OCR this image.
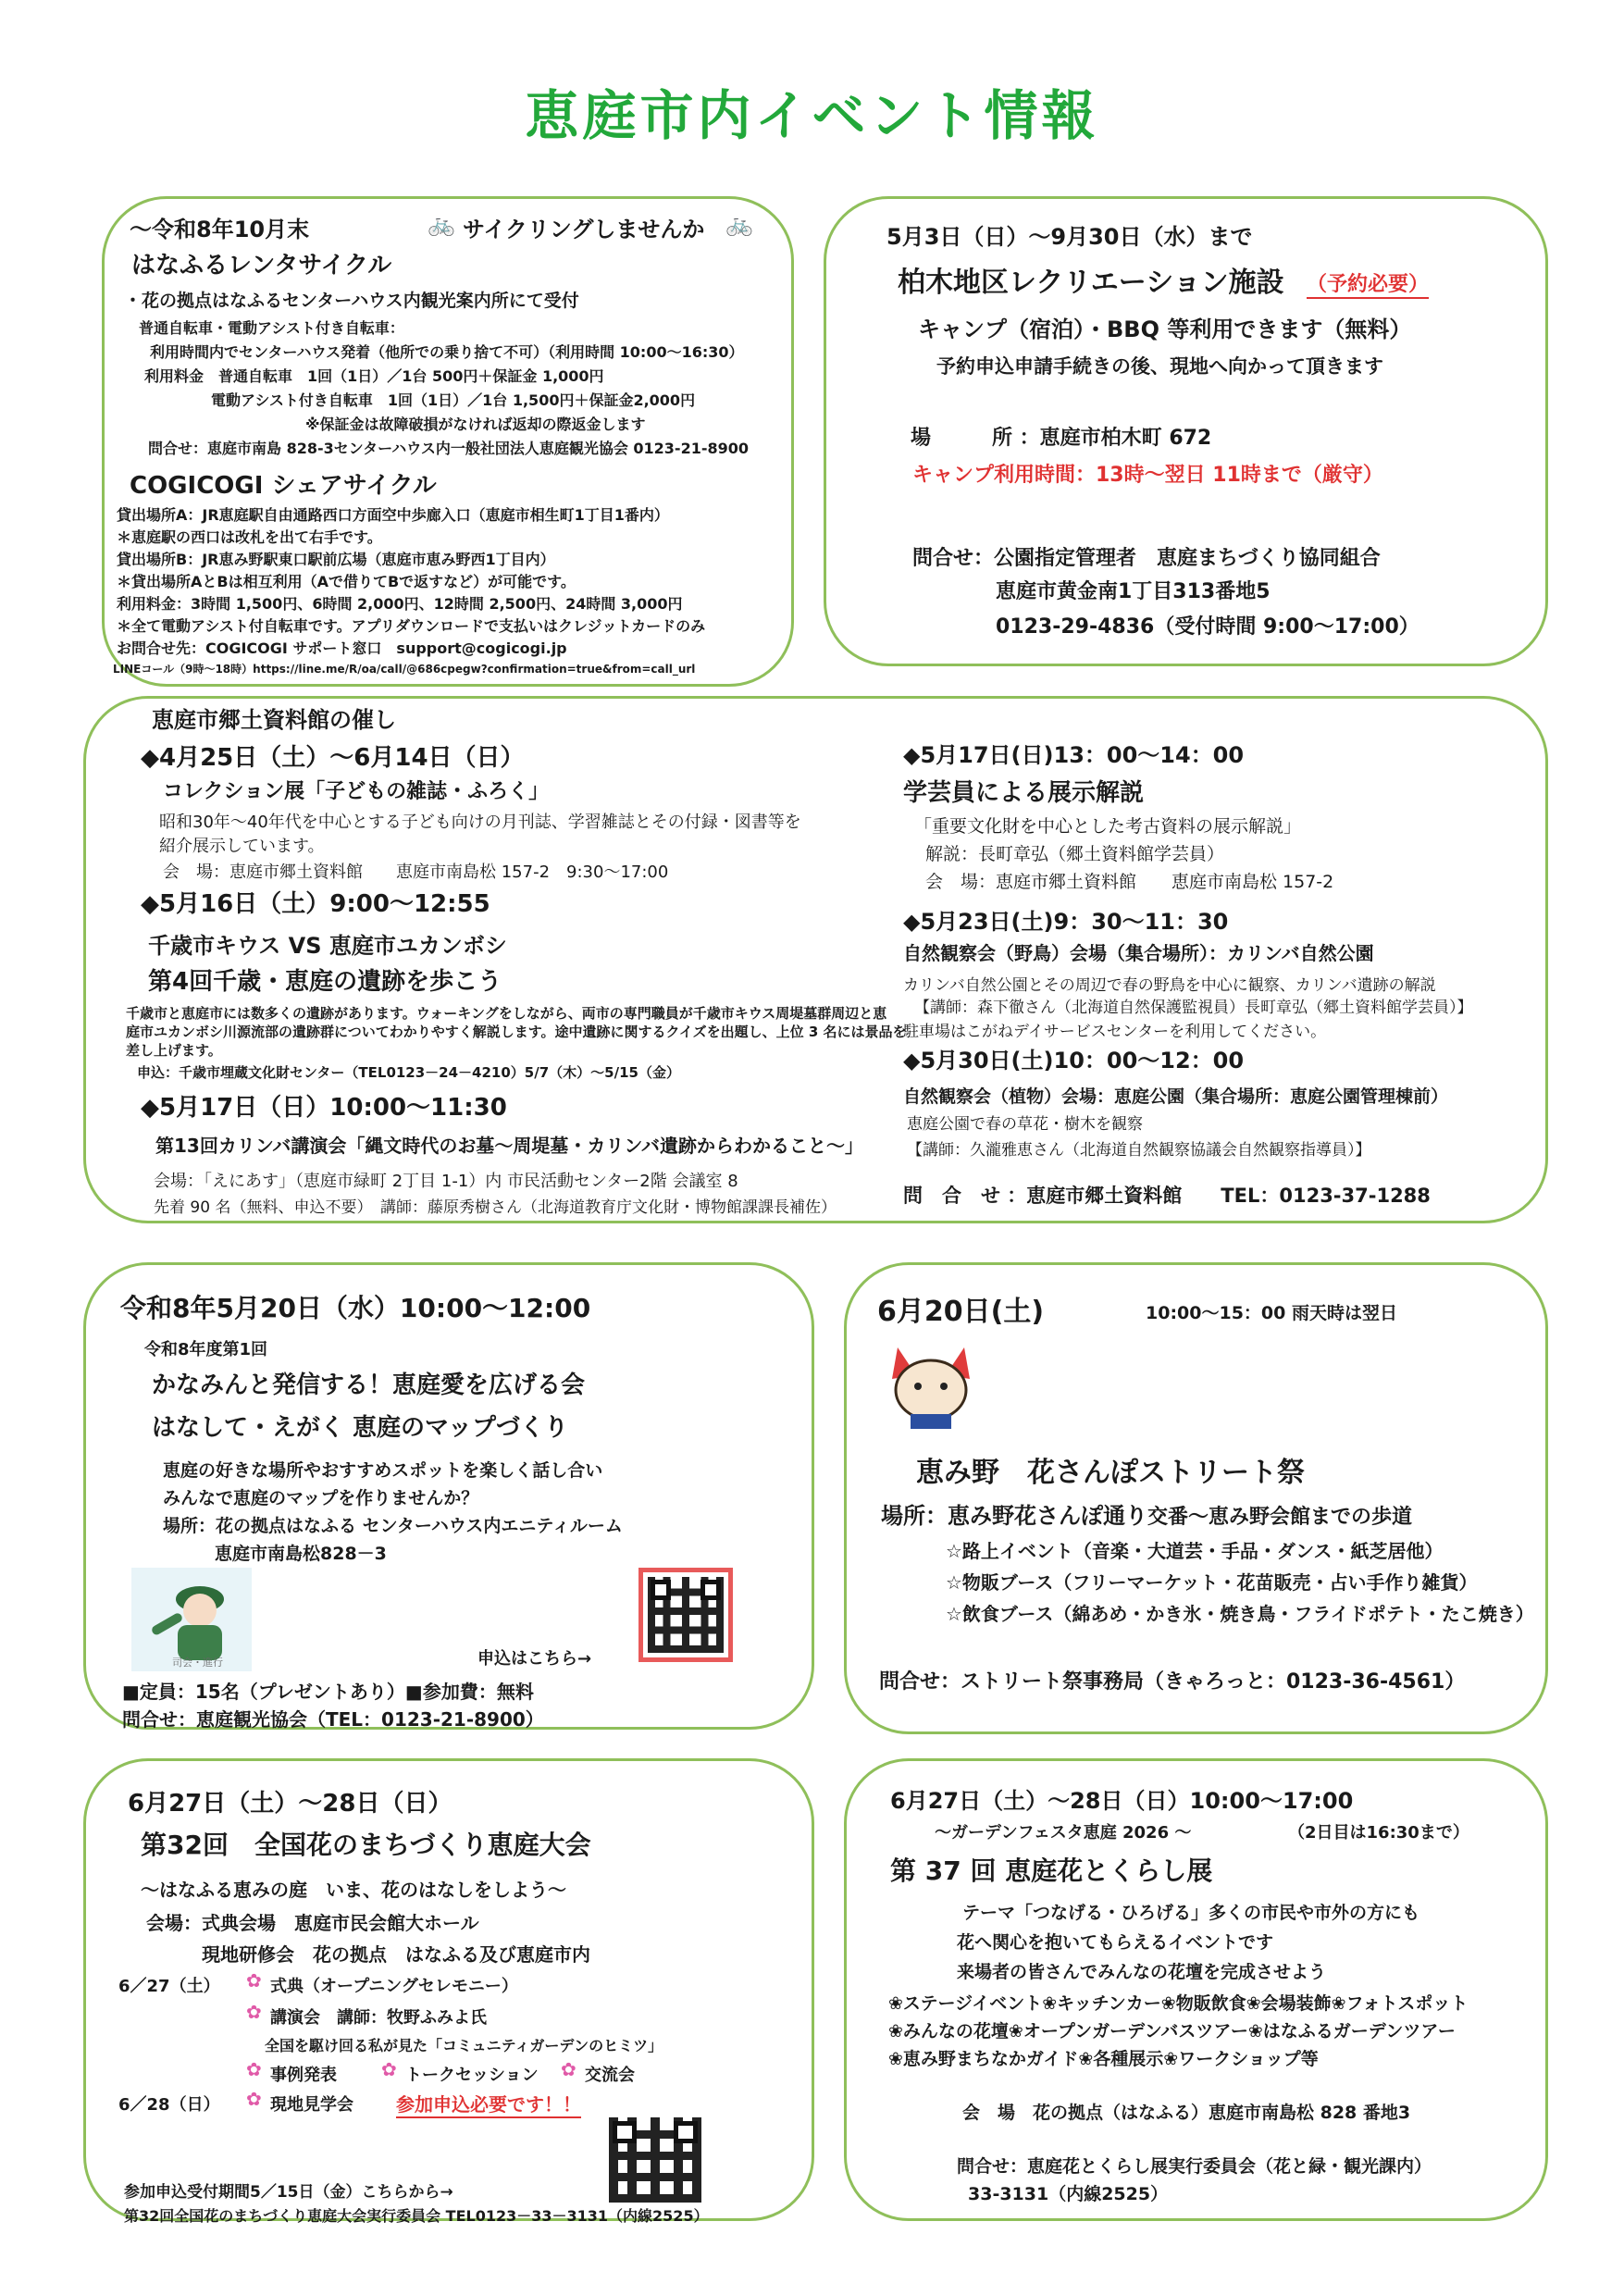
恵庭市内イベント情報
～令和8年10月末	🚲 サイクリングしませんか 🚲
はなふるレンタサイクル
・花の拠点はなふるセンターハウス内観光案内所にて受付
普通自転車・電動アシスト付き自転車：
利用時間内でセンターハウス発着（他所での乗り捨て不可）（利用時間 10:00～16:30）
利用料金　普通自転車　1回（1日）／1台 500円＋保証金 1,000円
電動アシスト付き自転車　1回（1日）／1台 1,500円＋保証金2,000円
※保証金は故障破損がなければ返却の際返金します
問合せ：恵庭市南島 828-3センターハウス内一般社団法人恵庭観光協会 0123-21-8900
COGICOGI シェアサイクル
貸出場所A：JR恵庭駅自由通路西口方面空中歩廊入口（恵庭市相生町1丁目1番内）
＊恵庭駅の西口は改札を出て右手です。
貸出場所B：JR恵み野駅東口駅前広場（恵庭市恵み野西1丁目内）
＊貸出場所AとBは相互利用（Aで借りてBで返すなど）が可能です。
利用料金：3時間 1,500円、6時間 2,000円、12時間 2,500円、24時間 3,000円
＊全て電動アシスト付自転車です。アプリダウンロードで支払いはクレジットカードのみ
お問合せ先：COGICOGI サポート窓口　support@cogicogi.jp
LINEコール（9時～18時）https://line.me/R/oa/call/@686cpegw?confirmation=true&from=call_url
5月3日（日）～9月30日（水）まで
柏木地区レクリエーション施設 （予約必要）
キャンプ（宿泊）・BBQ 等利用できます（無料）
予約申込申請手続きの後、現地へ向かって頂きます
場　　　所 ：恵庭市柏木町 672
キャンプ利用時間：13時～翌日 11時まで（厳守）
問合せ：公園指定管理者　恵庭まちづくり協同組合
恵庭市黄金南1丁目313番地5
0123-29-4836（受付時間 9:00～17:00）
恵庭市郷土資料館の催し
◆4月25日（土）～6月14日（日）
コレクション展「子どもの雑誌・ふろく」
昭和30年～40年代を中心とする子ども向けの月刊誌、学習雑誌とその付録・図書等を
紹介展示しています。
会　場：恵庭市郷土資料館　　恵庭市南島松 157-2　9:30～17:00
◆5月16日（土）9:00～12:55
千歳市キウス VS 恵庭市ユカンボシ
第4回千歳・恵庭の遺跡を歩こう
千歳市と恵庭市には数多くの遺跡があります。ウォーキングをしながら、両市の専門職員が千歳市キウス周堤墓群周辺と恵
庭市ユカンボシ川源流部の遺跡群についてわかりやすく解説します。途中遺跡に関するクイズを出題し、上位 3 名には景品を
差し上げます。
申込：千歳市埋蔵文化財センター（TEL0123－24－4210）5/7（木）～5/15（金）
◆5月17日（日）10:00～11:30
第13回カリンバ講演会「縄文時代のお墓～周堤墓・カリンバ遺跡からわかること～」
会場：「えにあす」（恵庭市緑町 2丁目 1-1）内 市民活動センター2階 会議室 8
先着 90 名（無料、申込不要）　講師：藤原秀樹さん（北海道教育庁文化財・博物館課課長補佐）
◆5月17日(日)13：00～14：00
学芸員による展示解説
「重要文化財を中心とした考古資料の展示解説」
解説：長町章弘（郷土資料館学芸員）
会　場：恵庭市郷土資料館　　恵庭市南島松 157-2
◆5月23日(土)9：30～11：30
自然観察会（野鳥）会場（集合場所）：カリンバ自然公園
カリンバ自然公園とその周辺で春の野鳥を中心に観察、カリンバ遺跡の解説
【講師：森下徹さん（北海道自然保護監視員）長町章弘（郷土資料館学芸員）】
駐車場はこがねデイサービスセンターを利用してください。
◆5月30日(土)10：00～12：00
自然観察会（植物）会場：恵庭公園（集合場所：恵庭公園管理棟前）
恵庭公園で春の草花・樹木を観察
【講師：久瀧雅恵さん（北海道自然観察協議会自然観察指導員）】
問　合　せ ：恵庭市郷土資料館　　TEL：0123-37-1288
令和8年5月20日（水）10:00～12:00
令和8年度第1回
かなみんと発信する！恵庭愛を広げる会
はなして・えがく 恵庭のマップづくり
恵庭の好きな場所やおすすめスポットを楽しく話し合い
みんなで恵庭のマップを作りませんか？
場所：花の拠点はなふる センターハウス内エニティルーム
恵庭市南島松828－3
司会・進行	申込はこちら→
■定員：15名（プレゼントあり）■参加費：無料
問合せ：恵庭観光協会（TEL：0123-21-8900）
6月20日(土)	10:00～15：00 雨天時は翌日
恵み野　花さんぽストリート祭
場所：恵み野花さんぽ通り交番～恵み野会館までの歩道
☆路上イベント（音楽・大道芸・手品・ダンス・紙芝居他）
☆物販ブース（フリーマーケット・花苗販売・占い手作り雑貨）
☆飲食ブース（綿あめ・かき氷・焼き鳥・フライドポテト・たこ焼き）
問合せ：ストリート祭事務局（きゃろっと：0123-36-4561）
6月27日（土）～28日（日）
第32回　全国花のまちづくり恵庭大会
～はなふる恵みの庭　いま、花のはなしをしよう～
会場：式典会場　恵庭市民会館大ホール
現地研修会　花の拠点　はなふる及び恵庭市内
6／27（土） ✿ 式典（オープニングセレモニー）
✿ 講演会　講師：牧野ふみよ氏
全国を駆け回る私が見た「コミュニティガーデンのヒミツ」
✿ 事例発表 ✿ トークセッション ✿ 交流会
6／28（日） ✿ 現地見学会 参加申込必要です！！
参加申込受付期間5／15日（金）こちらから→
第32回全国花のまちづくり恵庭大会実行委員会 TEL0123－33－3131（内線2525）
6月27日（土）～28日（日）10:00～17:00
～ガーデンフェスタ恵庭 2026 ～	（2日目は16:30まで）
第 37 回 恵庭花とくらし展
テーマ「つなげる・ひろげる」多くの市民や市外の方にも
花へ関心を抱いてもらえるイベントです
来場者の皆さんでみんなの花壇を完成させよう
❀ステージイベント❀キッチンカー❀物販飲食❀会場装飾❀フォトスポット
❀みんなの花壇❀オープンガーデンバスツアー❀はなふるガーデンツアー
❀恵み野まちなかガイド❀各種展示❀ワークショップ等
会　場　花の拠点（はなふる）恵庭市南島松 828 番地3
問合せ：恵庭花とくらし展実行委員会（花と緑・観光課内）
33-3131（内線2525）
